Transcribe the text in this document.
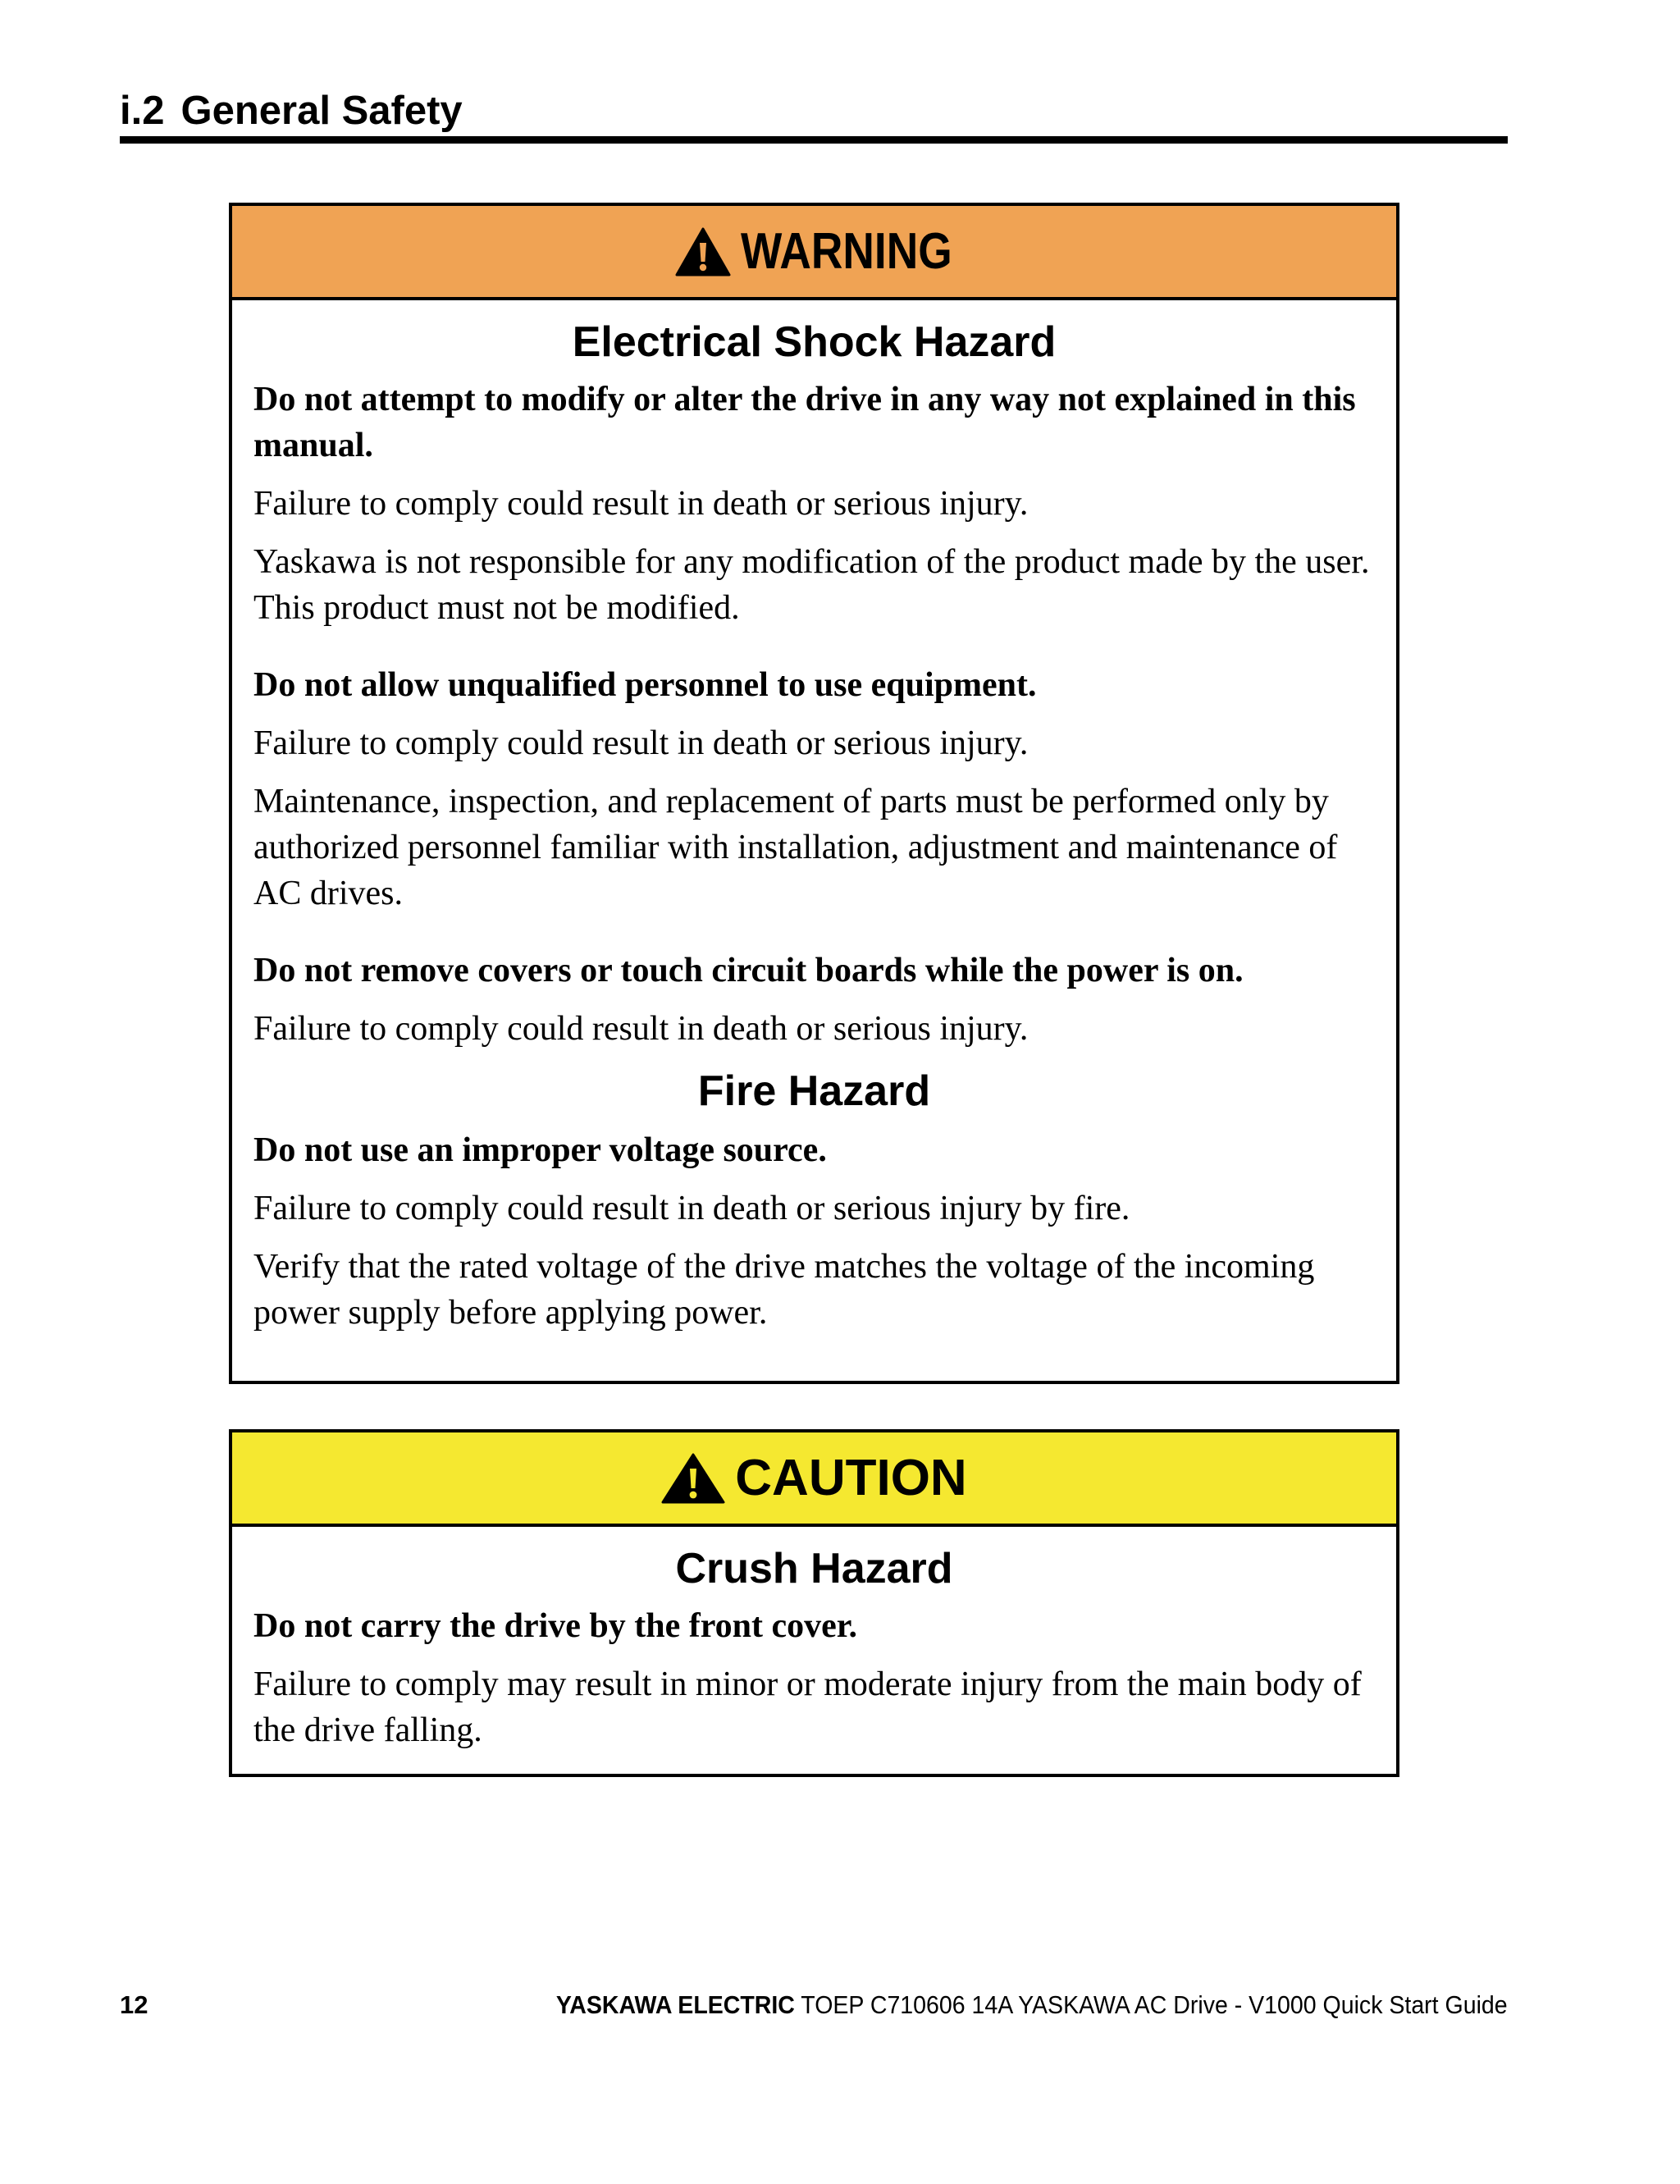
i.2 General Safety
WARNING
Electrical Shock Hazard

Do not attempt to modify or alter the drive in any way not explained in this manual.

Failure to comply could result in death or serious injury.

Yaskawa is not responsible for any modification of the product made by the user. This product must not be modified.

Do not allow unqualified personnel to use equipment.

Failure to comply could result in death or serious injury.

Maintenance, inspection, and replacement of parts must be performed only by authorized personnel familiar with installation, adjustment and maintenance of AC drives.

Do not remove covers or touch circuit boards while the power is on.

Failure to comply could result in death or serious injury.

Fire Hazard

Do not use an improper voltage source.

Failure to comply could result in death or serious injury by fire.

Verify that the rated voltage of the drive matches the voltage of the incoming power supply before applying power.

CAUTION
Crush Hazard

Do not carry the drive by the front cover.

Failure to comply may result in minor or moderate injury from the main body of the drive falling.

12	YASKAWA ELECTRIC TOEP C710606 14A YASKAWA AC Drive - V1000 Quick Start Guide
